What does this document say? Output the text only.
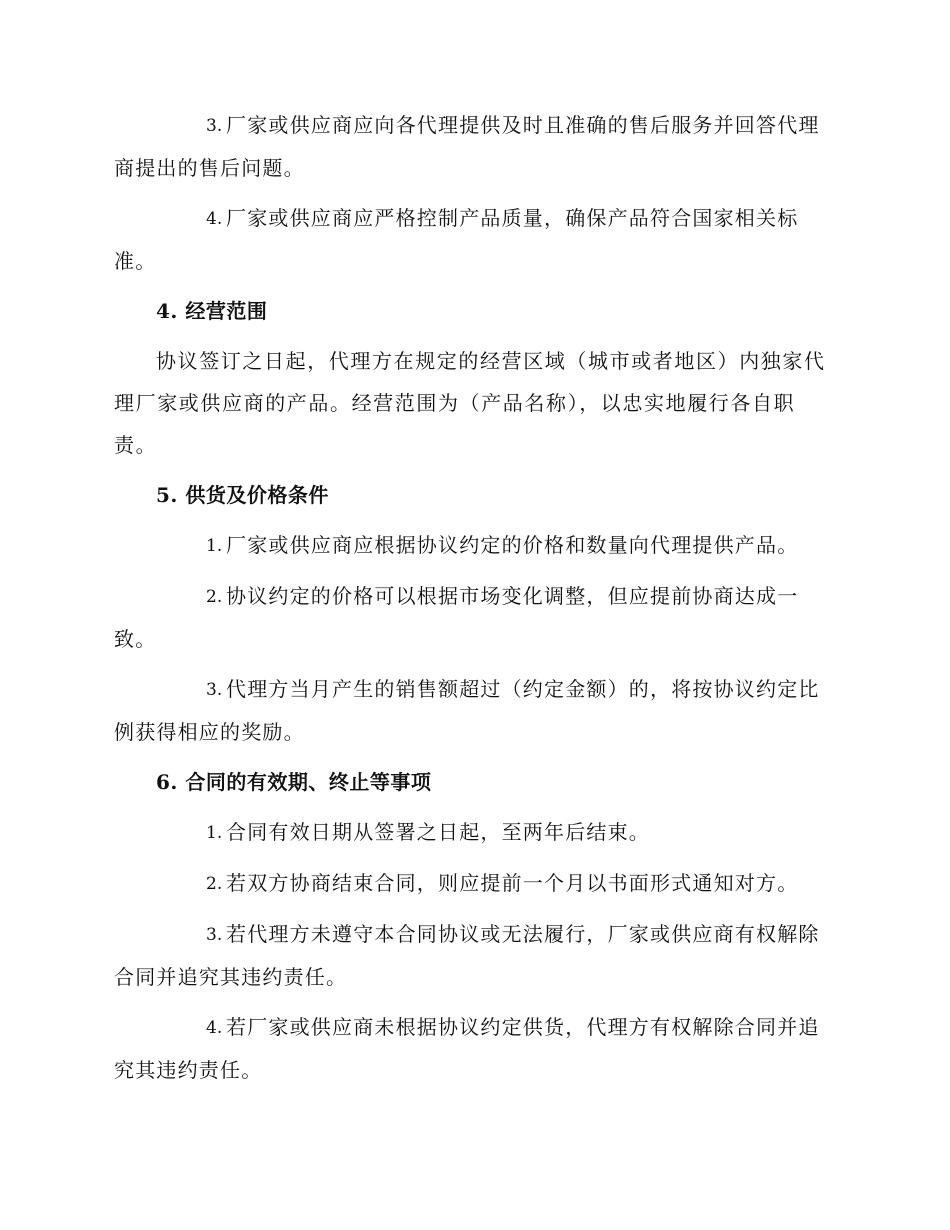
3. 厂家或供应商应向各代理提供及时且准确的售后服务并回答代理商提出的售后问题。

4. 厂家或供应商应严格控制产品质量，确保产品符合国家相关标准。

4. 经营范围

协议签订之日起，代理方在规定的经营区域（城市或者地区）内独家代理厂家或供应商的产品。经营范围为（产品名称），以忠实地履行各自职责。

5. 供货及价格条件

1. 厂家或供应商应根据协议约定的价格和数量向代理提供产品。

2. 协议约定的价格可以根据市场变化调整，但应提前协商达成一致。

3. 代理方当月产生的销售额超过（约定金额）的，将按协议约定比例获得相应的奖励。

6. 合同的有效期、终止等事项

1. 合同有效日期从签署之日起，至两年后结束。

2. 若双方协商结束合同，则应提前一个月以书面形式通知对方。

3. 若代理方未遵守本合同协议或无法履行，厂家或供应商有权解除合同并追究其违约责任。

4. 若厂家或供应商未根据协议约定供货，代理方有权解除合同并追究其违约责任。
